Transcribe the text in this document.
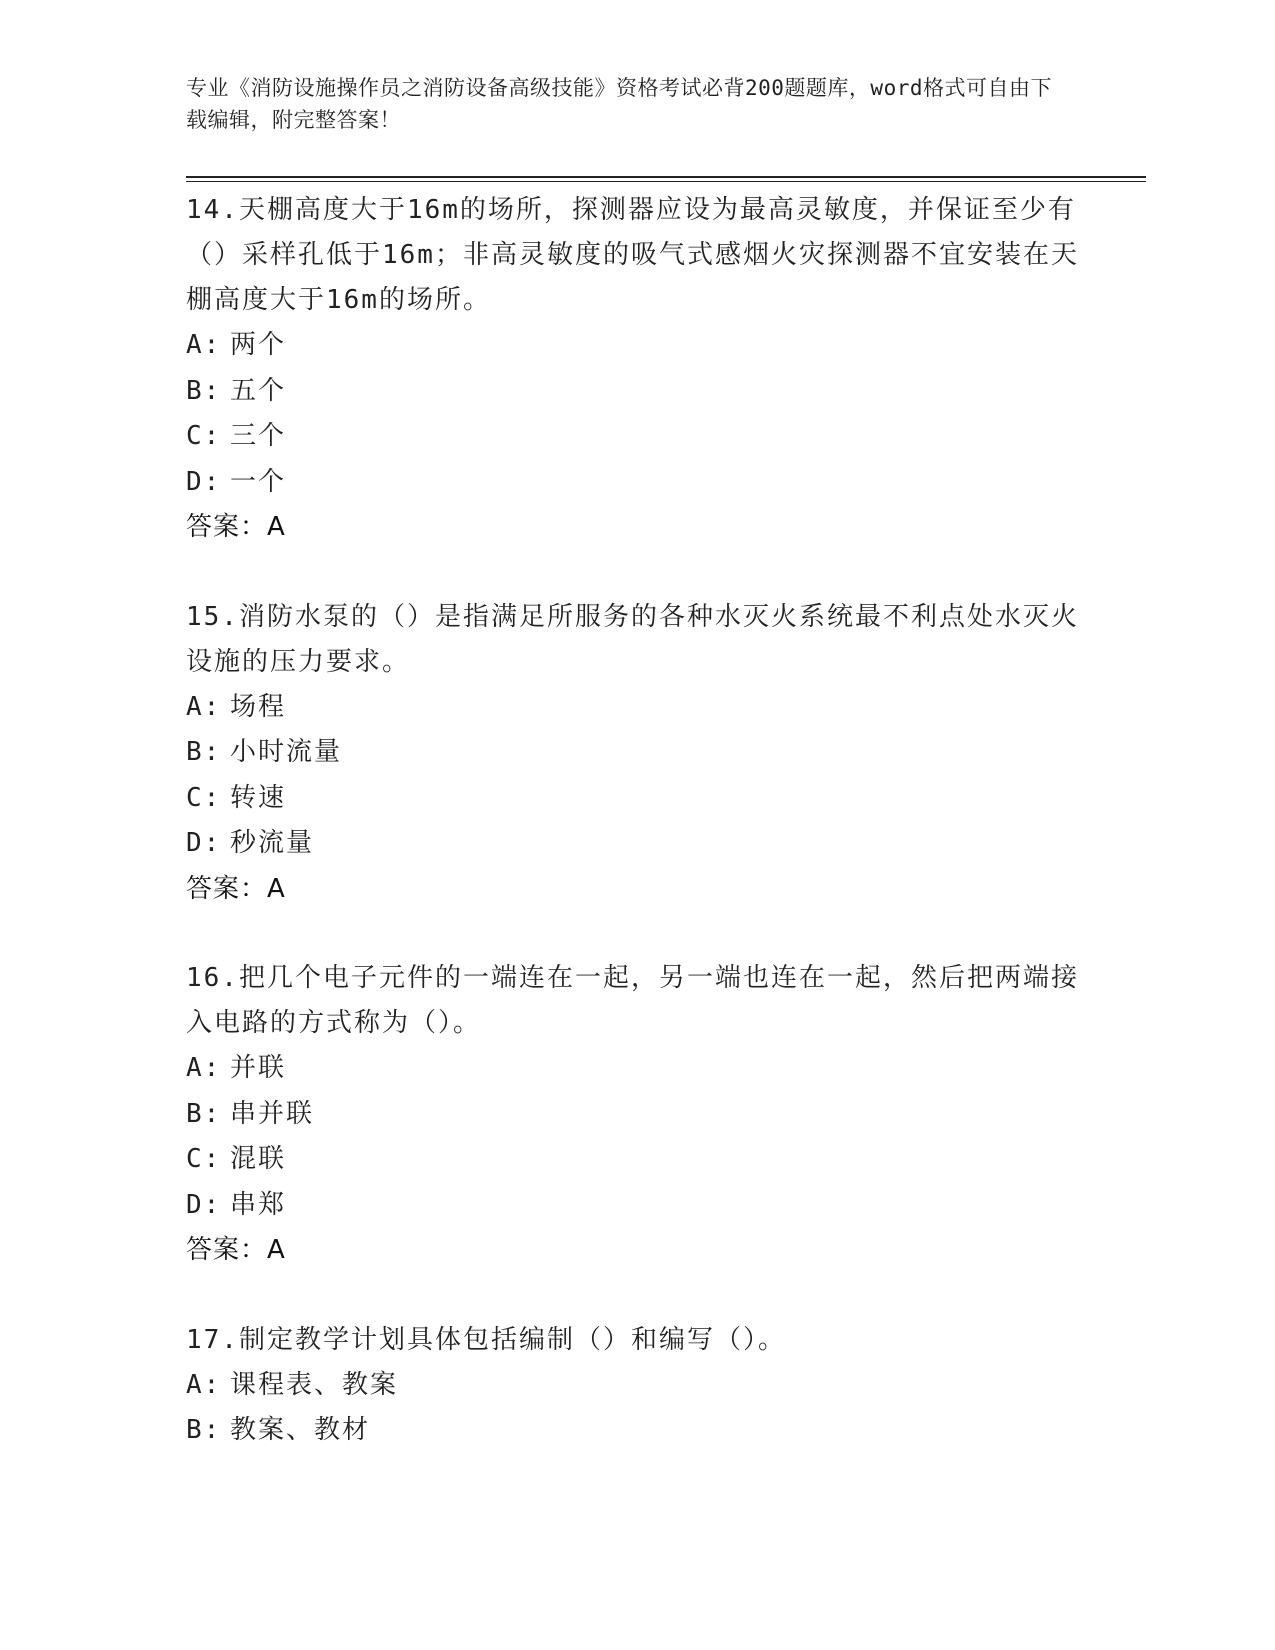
专业《消防设施操作员之消防设备高级技能》资格考试必背200题题库，word格式可自由下载编辑，附完整答案！
14.天棚高度大于16m的场所，探测器应设为最高灵敏度，并保证至少有（）采样孔低于16m；非高灵敏度的吸气式感烟火灾探测器不宜安装在天棚高度大于16m的场所。
A: 两个
B: 五个
C: 三个
D: 一个
答案：A
15.消防水泵的（）是指满足所服务的各种水灭火系统最不利点处水灭火设施的压力要求。
A: 场程
B: 小时流量
C: 转速
D: 秒流量
答案：A
16.把几个电子元件的一端连在一起，另一端也连在一起，然后把两端接入电路的方式称为（）。
A: 并联
B: 串并联
C: 混联
D: 串郑
答案：A
17.制定教学计划具体包括编制（）和编写（）。
A: 课程表、教案
B: 教案、教材
